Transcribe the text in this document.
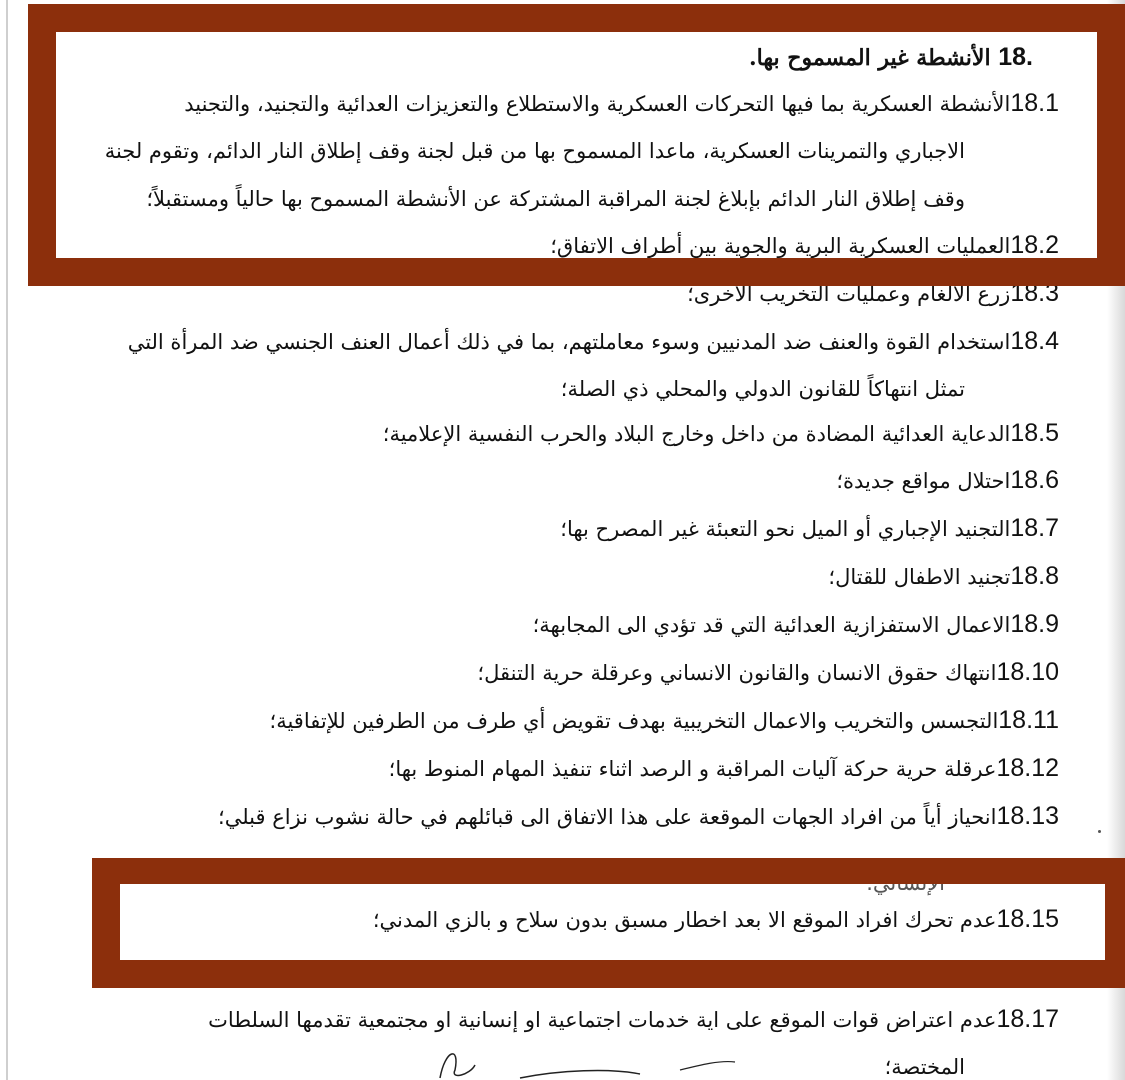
18. الأنشطة غير المسموح بها.
18.1الأنشطة العسكرية بما فيها التحركات العسكرية والاستطلاع والتعزيزات العدائية والتجنيد، والتجنيد
الاجباري والتمرينات العسكرية، ماعدا المسموح بها من قبل لجنة وقف إطلاق النار الدائم، وتقوم لجنة
وقف إطلاق النار الدائم بإبلاغ لجنة المراقبة المشتركة عن الأنشطة المسموح بها حالياً ومستقبلاً؛
18.2العمليات العسكرية البرية والجوية بين أطراف الاتفاق؛
18.3زرع الألغام وعمليات التخريب الأخرى؛
18.4استخدام القوة والعنف ضد المدنيين وسوء معاملتهم، بما في ذلك أعمال العنف الجنسي ضد المرأة التي
تمثل انتهاكاً للقانون الدولي والمحلي ذي الصلة؛
18.5الدعاية العدائية المضادة من داخل وخارج البلاد والحرب النفسية الإعلامية؛
18.6احتلال مواقع جديدة؛
18.7التجنيد الإجباري أو الميل نحو التعبئة غير المصرح بها؛
18.8تجنيد الاطفال للقتال؛
18.9الاعمال الاستفزازية العدائية التي قد تؤدي الى المجابهة؛
18.10انتهاك حقوق الانسان والقانون الانساني وعرقلة حرية التنقل؛
18.11التجسس والتخريب والاعمال التخريبية بهدف تقويض أي طرف من الطرفين للإتفاقية؛
18.12عرقلة حرية حركة آليات المراقبة و الرصد اثناء تنفيذ المهام المنوط بها؛
18.13انحياز أياً من افراد الجهات الموقعة على هذا الاتفاق الى قبائلهم في حالة نشوب نزاع قبلي؛
الإنساني؛
18.15عدم تحرك افراد الموقع الا بعد اخطار مسبق بدون سلاح و بالزي المدني؛
18.17عدم اعتراض قوات الموقع على اية خدمات اجتماعية او إنسانية او مجتمعية تقدمها السلطات
المختصة؛
